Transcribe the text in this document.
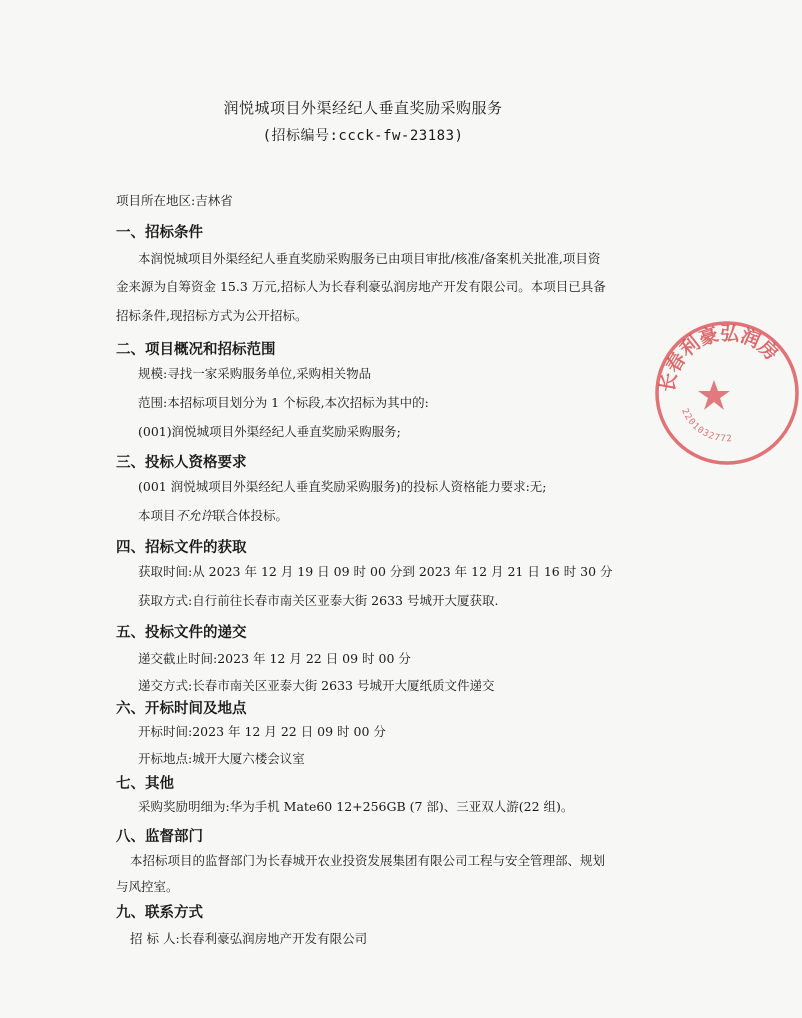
润悦城项目外渠经纪人垂直奖励采购服务
(招标编号:ccck-fw-23183)
项目所在地区:吉林省
一、招标条件
本润悦城项目外渠经纪人垂直奖励采购服务已由项目审批/核准/备案机关批准,项目资
金来源为自筹资金 15.3 万元,招标人为长春利豪弘润房地产开发有限公司。本项目已具备
招标条件,现招标方式为公开招标。
二、项目概况和招标范围
规模:寻找一家采购服务单位,采购相关物品
范围:本招标项目划分为 1 个标段,本次招标为其中的:
(001)润悦城项目外渠经纪人垂直奖励采购服务;
三、投标人资格要求
(001 润悦城项目外渠经纪人垂直奖励采购服务)的投标人资格能力要求:无;
本项目不允许联合体投标。
四、招标文件的获取
获取时间:从 2023 年 12 月 19 日 09 时 00 分到 2023 年 12 月 21 日 16 时 30 分
获取方式:自行前往长春市南关区亚泰大街 2633 号城开大厦获取.
五、投标文件的递交
递交截止时间:2023 年 12 月 22 日 09 时 00 分
递交方式:长春市南关区亚泰大街 2633 号城开大厦纸质文件递交
六、开标时间及地点
开标时间:2023 年 12 月 22 日 09 时 00 分
开标地点:城开大厦六楼会议室
七、其他
采购奖励明细为:华为手机 Mate60 12+256GB (7 部)、三亚双人游(22 组)。
八、监督部门
本招标项目的监督部门为长春城开农业投资发展集团有限公司工程与安全管理部、规划
与风控室。
九、联系方式
招 标 人:长春利豪弘润房地产开发有限公司
长春利豪弘润房
2201032772
